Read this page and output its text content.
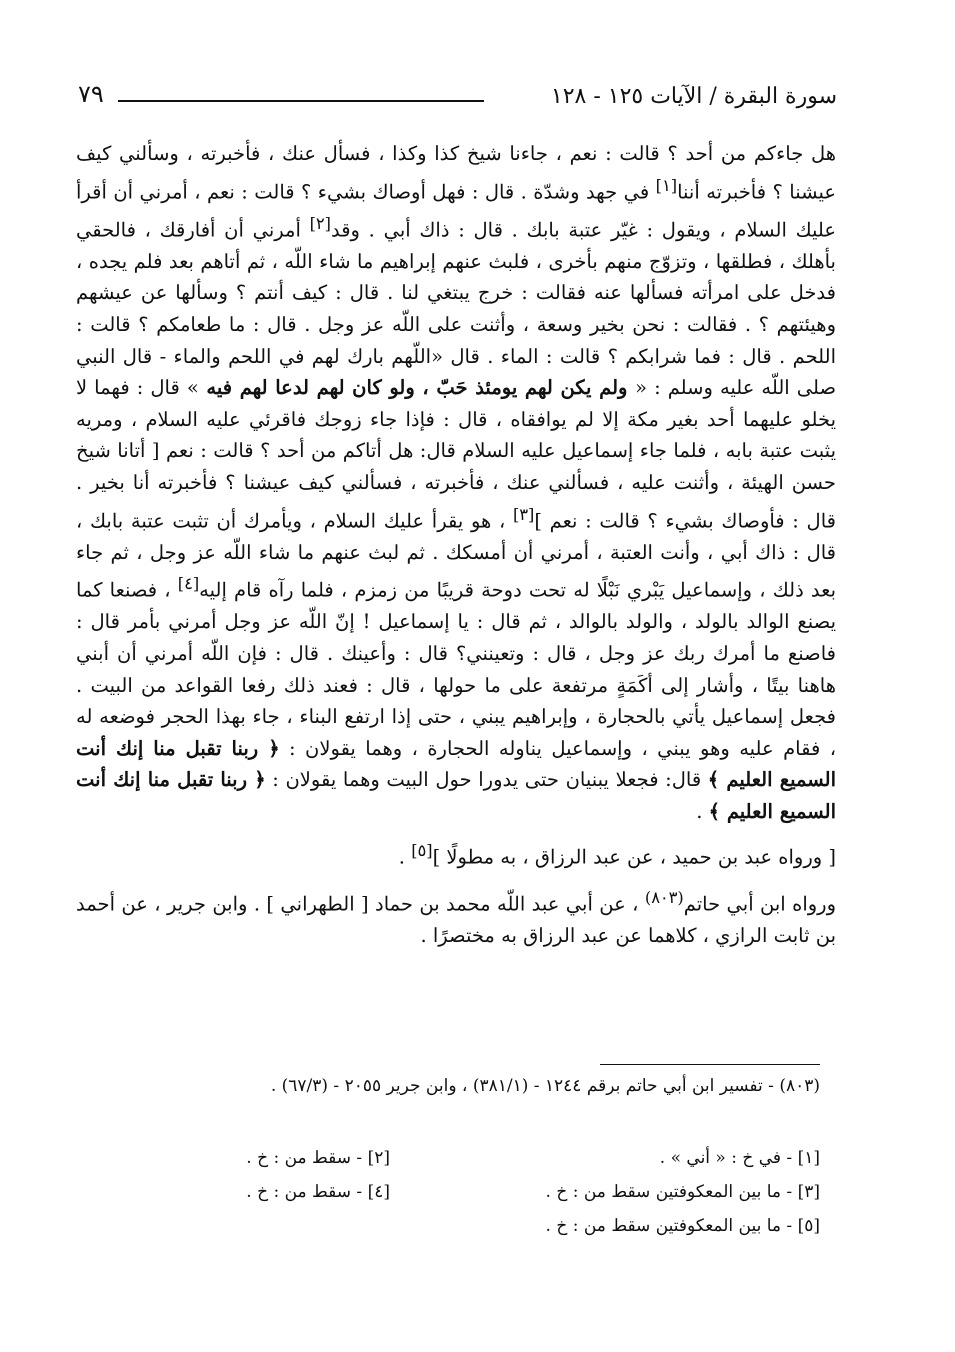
٧٩	سورة البقرة / الآيات ١٢٥ - ١٢٨

هل جاءكم من أحد ؟ قالت : نعم ، جاءنا شيخ كذا وكذا ، فسأل عنك ، فأخبرته ، وسألني كيف عيشنا ؟ فأخبرته أننا[١] في جهد وشدّة . قال : فهل أوصاك بشيء ؟ قالت : نعم ، أمرني أن أقرأ عليك السلام ، ويقول : غيّر عتبة بابك . قال : ذاك أبي . وقد[٢] أمرني أن أفارقك ، فالحقي بأهلك ، فطلقها ، وتزوّج منهم بأخرى ، فلبث عنهم إبراهيم ما شاء اللّه ، ثم أتاهم بعد فلم يجده ، فدخل على امرأته فسألها عنه فقالت : خرج يبتغي لنا . قال : كيف أنتم ؟ وسألها عن عيشهم وهيئتهم ؟ . فقالت : نحن بخير وسعة ، وأثنت على اللّه عز وجل . قال : ما طعامكم ؟ قالت : اللحم . قال : فما شرابكم ؟ قالت : الماء . قال «اللّهم بارك لهم في اللحم والماء - قال النبي صلى اللّه عليه وسلم : « ولم يكن لهم يومئذ حَبّ ، ولو كان لهم لدعا لهم فيه » قال : فهما لا يخلو عليهما أحد بغير مكة إلا لم يوافقاه ، قال : فإذا جاء زوجك فاقرئي عليه السلام ، ومريه يثبت عتبة بابه ، فلما جاء إسماعيل عليه السلام قال: هل أتاكم من أحد ؟ قالت : نعم [ أتانا شيخ حسن الهيئة ، وأثنت عليه ، فسألني عنك ، فأخبرته ، فسألني كيف عيشنا ؟ فأخبرته أنا بخير . قال : فأوصاك بشيء ؟ قالت : نعم ][٣] ، هو يقرأ عليك السلام ، ويأمرك أن تثبت عتبة بابك ، قال : ذاك أبي ، وأنت العتبة ، أمرني أن أمسكك . ثم لبث عنهم ما شاء اللّه عز وجل ، ثم جاء بعد ذلك ، وإسماعيل يَبْري نَبْلًا له تحت دوحة قريبًا من زمزم ، فلما رآه قام إليه[٤] ، فصنعا كما يصنع الوالد بالولد ، والولد بالوالد ، ثم قال : يا إسماعيل ! إنّ اللّه عز وجل أمرني بأمر قال : فاصنع ما أمرك ربك عز وجل ، قال : وتعينني؟ قال : وأعينك . قال : فإن اللّه أمرني أن أبني هاهنا بيتًا ، وأشار إلى أكَمَةٍ مرتفعة على ما حولها ، قال : فعند ذلك رفعا القواعد من البيت . فجعل إسماعيل يأتي بالحجارة ، وإبراهيم يبني ، حتى إذا ارتفع البناء ، جاء بهذا الحجر فوضعه له ، فقام عليه وهو يبني ، وإسماعيل يناوله الحجارة ، وهما يقولان : ﴿ ربنا تقبل منا إنك أنت السميع العليم ﴾ قال: فجعلا يبنيان حتى يدورا حول البيت وهما يقولان : ﴿ ربنا تقبل منا إنك أنت السميع العليم ﴾ .

[ ورواه عبد بن حميد ، عن عبد الرزاق ، به مطولًا ][٥] .

ورواه ابن أبي حاتم$^{(٨٠٣)}$ ، عن أبي عبد اللّه محمد بن حماد [ الطهراني ] . وابن جرير ، عن أحمد بن ثابت الرازي ، كلاهما عن عبد الرزاق به مختصرًا .

(٨٠٣) - تفسير ابن أبي حاتم برقم ١٢٤٤ - (٣٨١/١) ، وابن جرير ٢٠٥٥ - (٦٧/٣) .
[١] - في خ : « أني » .
[٢] - سقط من : خ .
[٣] - ما بين المعكوفتين سقط من : خ .
[٤] - سقط من : خ .
[٥] - ما بين المعكوفتين سقط من : خ .
